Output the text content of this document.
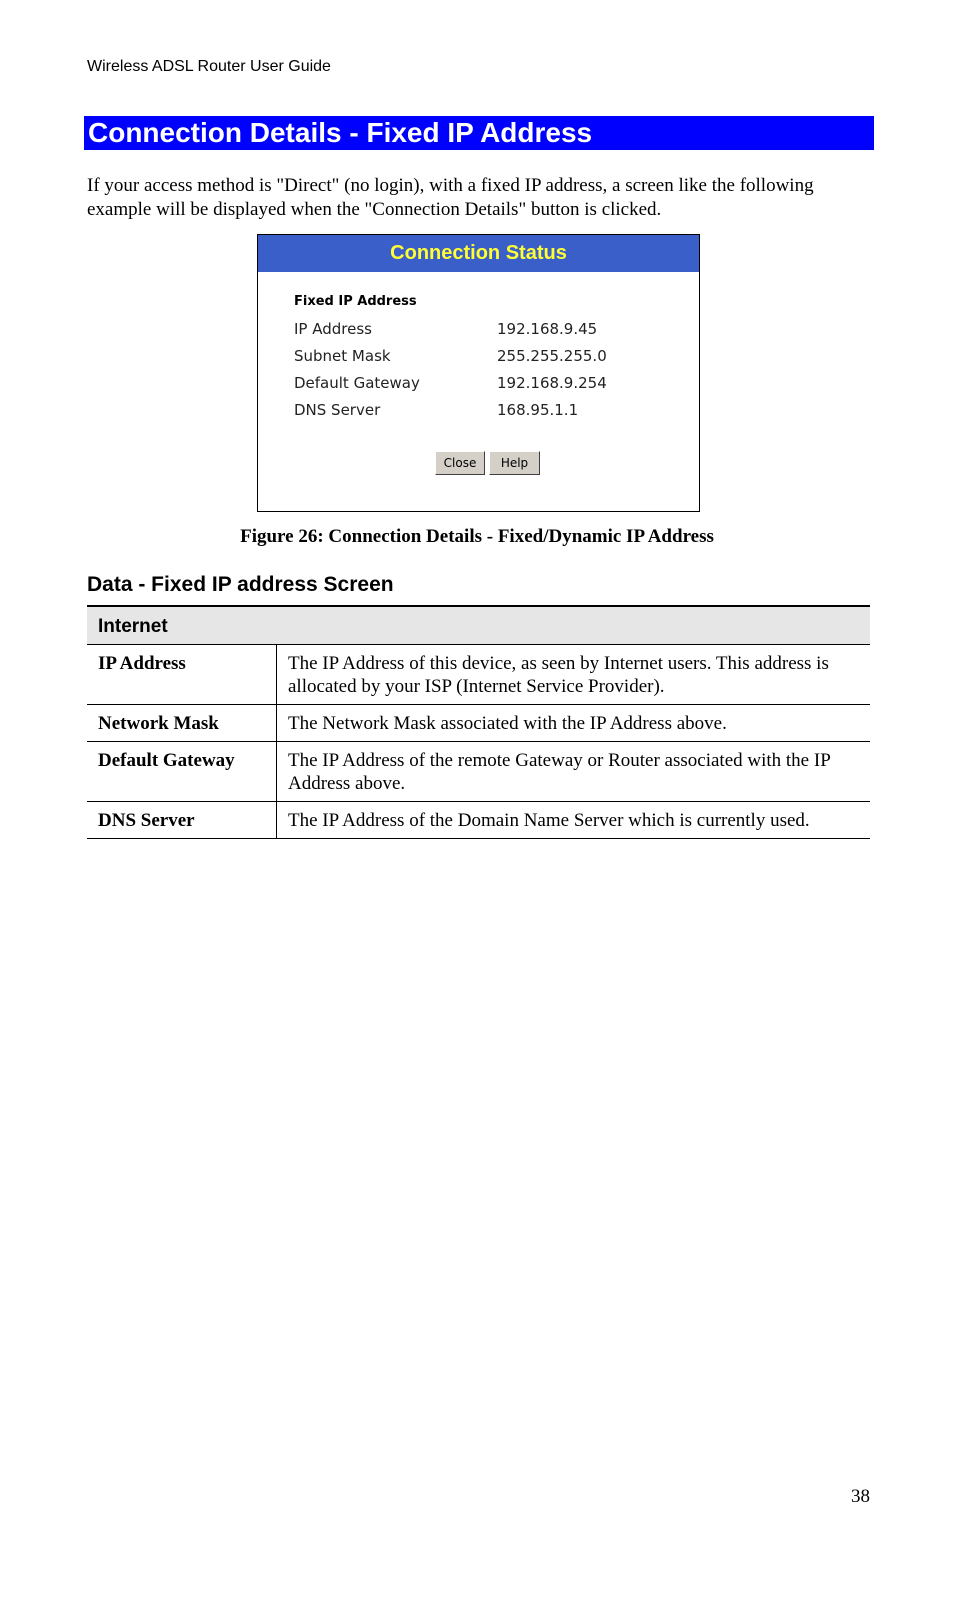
Wireless ADSL Router User Guide
Connection Details - Fixed IP Address

If your access method is "Direct" (no login), with a fixed IP address, a screen like the following example will be displayed when the "Connection Details" button is clicked.

Connection Status
Fixed IP Address
IP Address	192.168.9.45
Subnet Mask	255.255.255.0
Default Gateway	192.168.9.254
DNS Server	168.95.1.1
Close	Help
Figure 26: Connection Details - Fixed/Dynamic IP Address
Data - Fixed IP address Screen
Internet	
IP Address	The IP Address of this device, as seen by Internet users. This address is allocated by your ISP (Internet Service Provider).
Network Mask	The Network Mask associated with the IP Address above.
Default Gateway	The IP Address of the remote Gateway or Router associated with the IP Address above.
DNS Server	The IP Address of the Domain Name Server which is currently used.
38
